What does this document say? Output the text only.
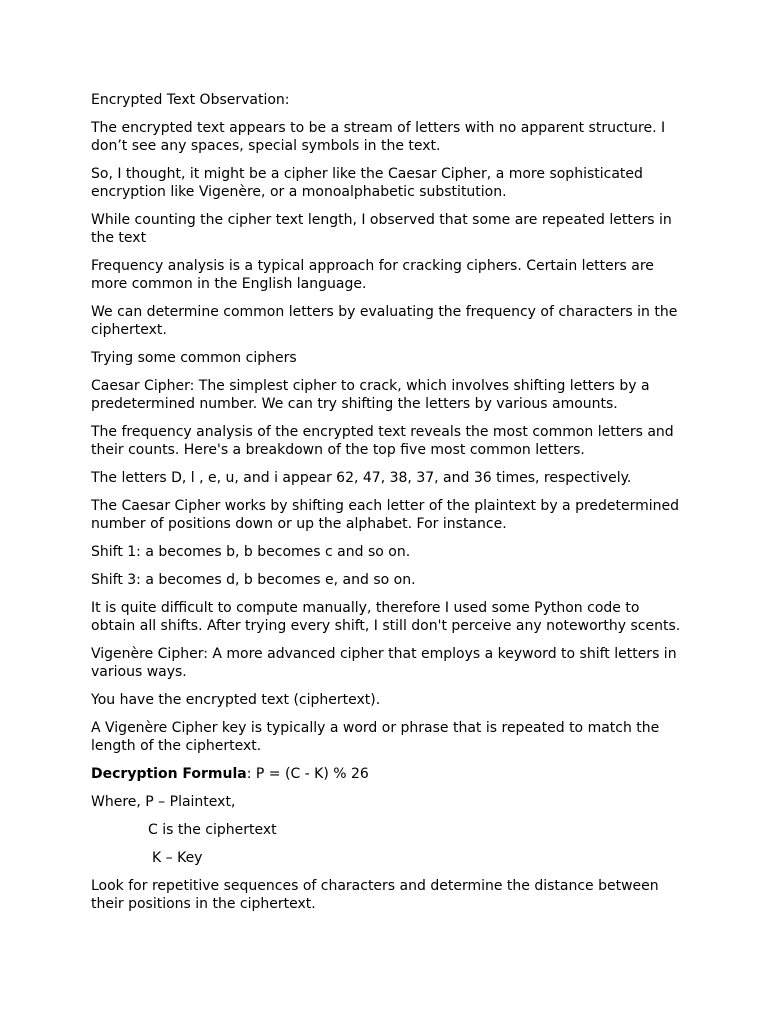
Encrypted Text Observation:

The encrypted text appears to be a stream of letters with no apparent structure. I don’t see any spaces, special symbols in the text.

So, I thought, it might be a cipher like the Caesar Cipher, a more sophisticated encryption like Vigenère, or a monoalphabetic substitution.

While counting the cipher text length, I observed that some are repeated letters in the text

Frequency analysis is a typical approach for cracking ciphers. Certain letters are more common in the English language.

We can determine common letters by evaluating the frequency of characters in the ciphertext.

Trying some common ciphers

Caesar Cipher: The simplest cipher to crack, which involves shifting letters by a predetermined number. We can try shifting the letters by various amounts.

The frequency analysis of the encrypted text reveals the most common letters and their counts. Here's a breakdown of the top five most common letters.

The letters D, l , e, u, and i appear 62, 47, 38, 37, and 36 times, respectively.

The Caesar Cipher works by shifting each letter of the plaintext by a predetermined number of positions down or up the alphabet. For instance.

Shift 1: a becomes b, b becomes c and so on.

Shift 3: a becomes d, b becomes e, and so on.

It is quite difficult to compute manually, therefore I used some Python code to obtain all shifts. After trying every shift, I still don't perceive any noteworthy scents.

Vigenère Cipher: A more advanced cipher that employs a keyword to shift letters in various ways.

You have the encrypted text (ciphertext).

A Vigenère Cipher key is typically a word or phrase that is repeated to match the length of the ciphertext.

Decryption Formula: P = (C - K) % 26

Where, P – Plaintext,

C is the ciphertext

K – Key

Look for repetitive sequences of characters and determine the distance between their positions in the ciphertext.
